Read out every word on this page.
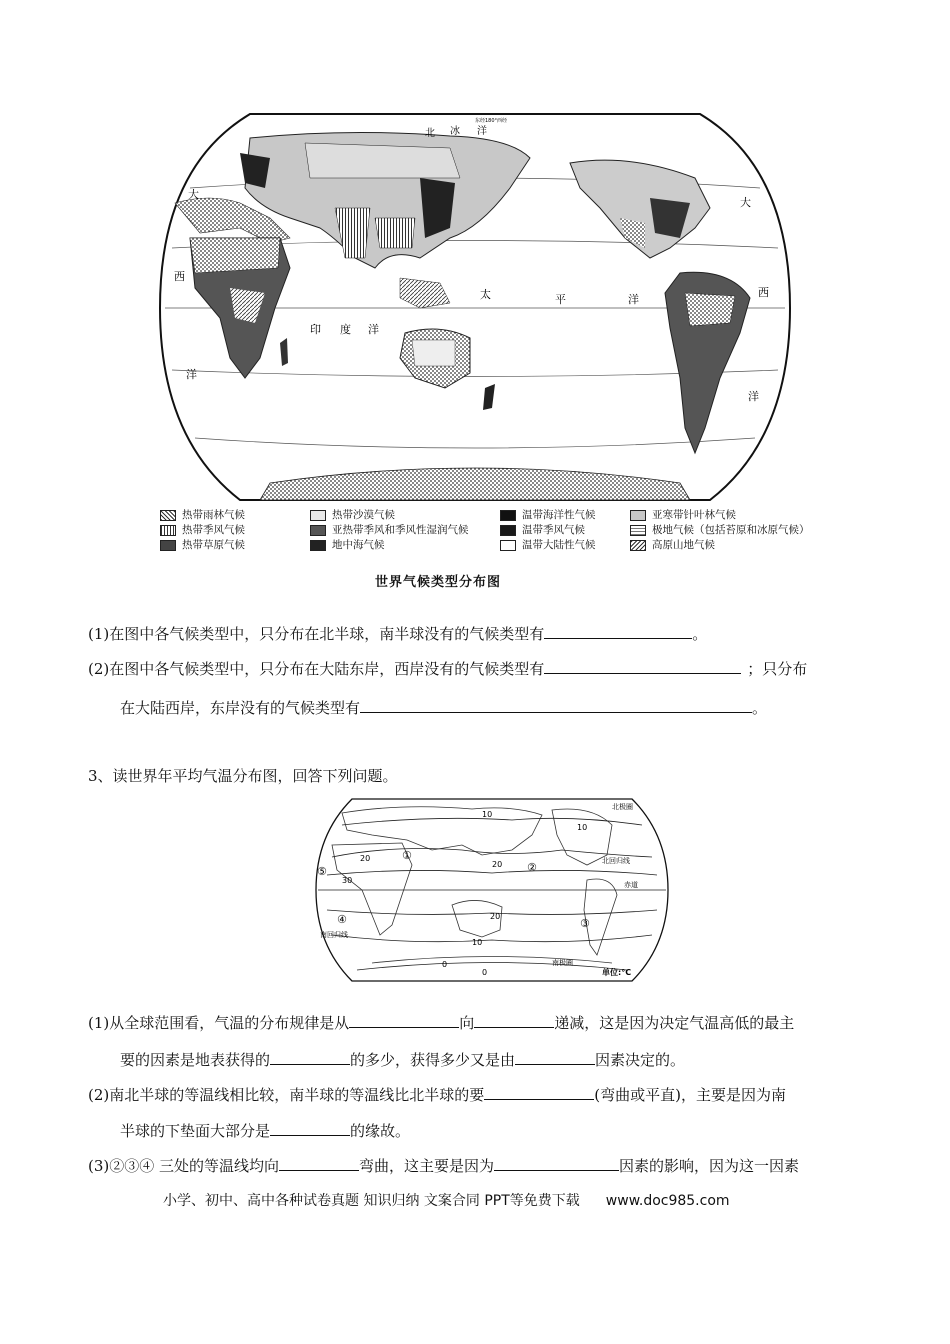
北 冰 洋
大
西
洋
太	平	洋
印 度 洋
大
西
洋
东经180°西经
热带雨林气候	热带沙漠气候	温带海洋性气候	亚寒带针叶林气候
热带季风气候	亚热带季风和季风性湿润气候	温带季风气候	极地气候（包括苔原和冰原气候）
热带草原气候	地中海气候	温带大陆性气候	高原山地气候
世界气候类型分布图
(1)在图中各气候类型中，只分布在北半球，南半球没有的气候类型有	。
(2)在图中各气候类型中，只分布在大陆东岸，西岸没有的气候类型有	；只分布
在大陆西岸，东岸没有的气候类型有	。
3、读世界年平均气温分布图，回答下列问题。
10
20
20
30
10
20
10
0
0
北极圈
北回归线
赤道
南回归线
南极圈
单位:°C
①
②
③
④
⑤
(1)从全球范围看，气温的分布规律是从	向	递减，这是因为决定气温高低的最主
要的因素是地表获得的	的多少，获得多少又是由	因素决定的。
(2)南北半球的等温线相比较，南半球的等温线比北半球的要	(弯曲或平直)，主要是因为南
半球的下垫面大部分是	的缘故。
(3)②③④ 三处的等温线均向	弯曲，这主要是因为	因素的影响，因为这一因素
小学、初中、高中各种试卷真题 知识归纳 文案合同 PPT等免费下载 www.doc985.com
